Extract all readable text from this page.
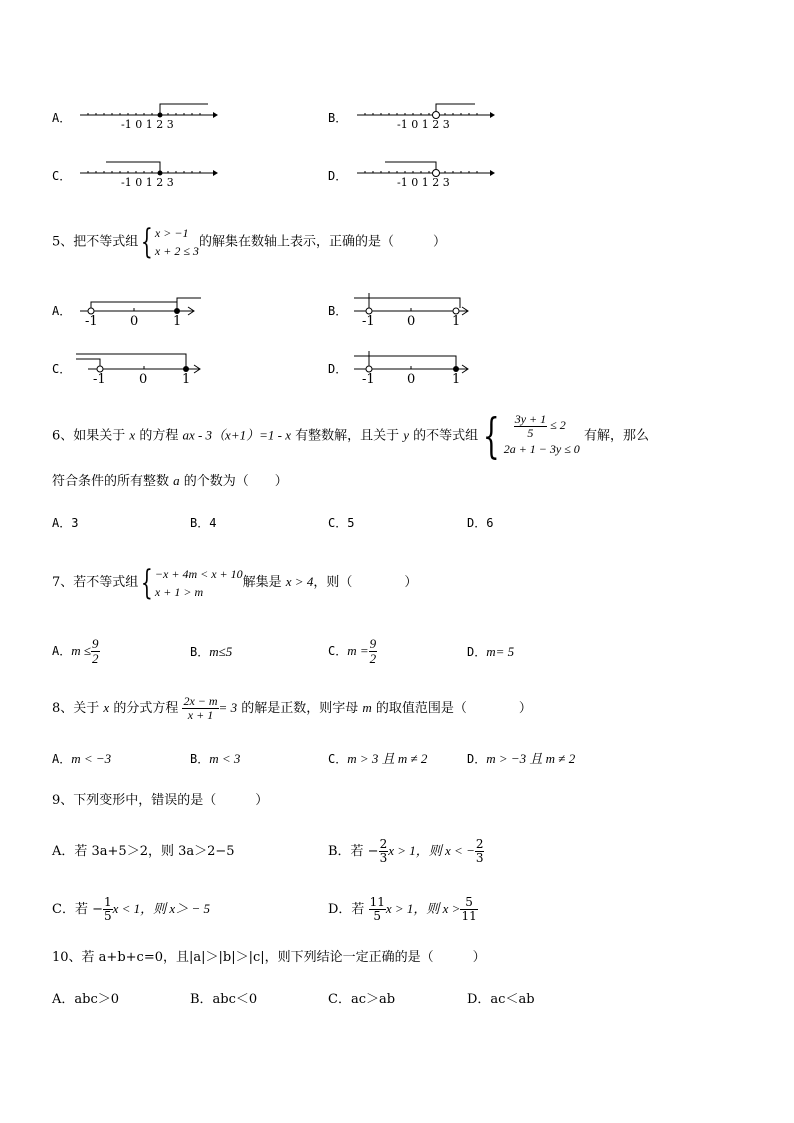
A．	-1 0 1 2 3	B．	-1 0 1 2 3
C．	-1 0 1 2 3	D．	-1 0 1 2 3
5、把不等式组{ x > −1
x + 2 ≤ 3
的解集在数轴上表示，正确的是（　　　）
A．
-1 0	1
B．
-1 0	1
C．
-1	0	1
D．
-1 0	1
6、如果关于 x 的方程 ax - 3（x+1）=1 - x 有整数解，且关于 y 的不等式组 { $\frac{3y + 1}{5} \le 2$
2a + 1 − 3y ≤ 0
有解，那么
符合条件的所有整数 a 的个数为（　　）
A．3	B．4	C．5	D．6
7、若不等式组{ −x + 4m < x + 10
x + 1 > m
解集是 x > 4，则（　　　　）
A．$m \le \frac{9}{2}$	B．m≤5	C．$m = \frac{9}{2}$	D．m= 5
8、关于 x 的分式方程 $\frac{2x - m}{x + 1} = 3$ 的解是正数，则字母 m 的取值范围是（　　　　）
A．m < −3	B．m < 3	C．m > 3 且 m ≠ 2	D．m > −3 且 m ≠ 2
9、下列变形中，错误的是（　　　）
A．若 3a+5＞2，则 3a＞2−5	B．若 − $\frac{2}{3}$ x > 1，则 x < − $\frac{2}{3}$
C．若 − $\frac{1}{5}$ x < 1，则 x＞ − 5	D．若 $\frac{11}{5}$ x > 1，则 $x > \frac{5}{11}$
10、若 a+b+c=0，且|a|＞|b|＞|c|，则下列结论一定正确的是（　　　）
A．abc＞0	B．abc＜0	C．ac＞ab	D．ac＜ab
